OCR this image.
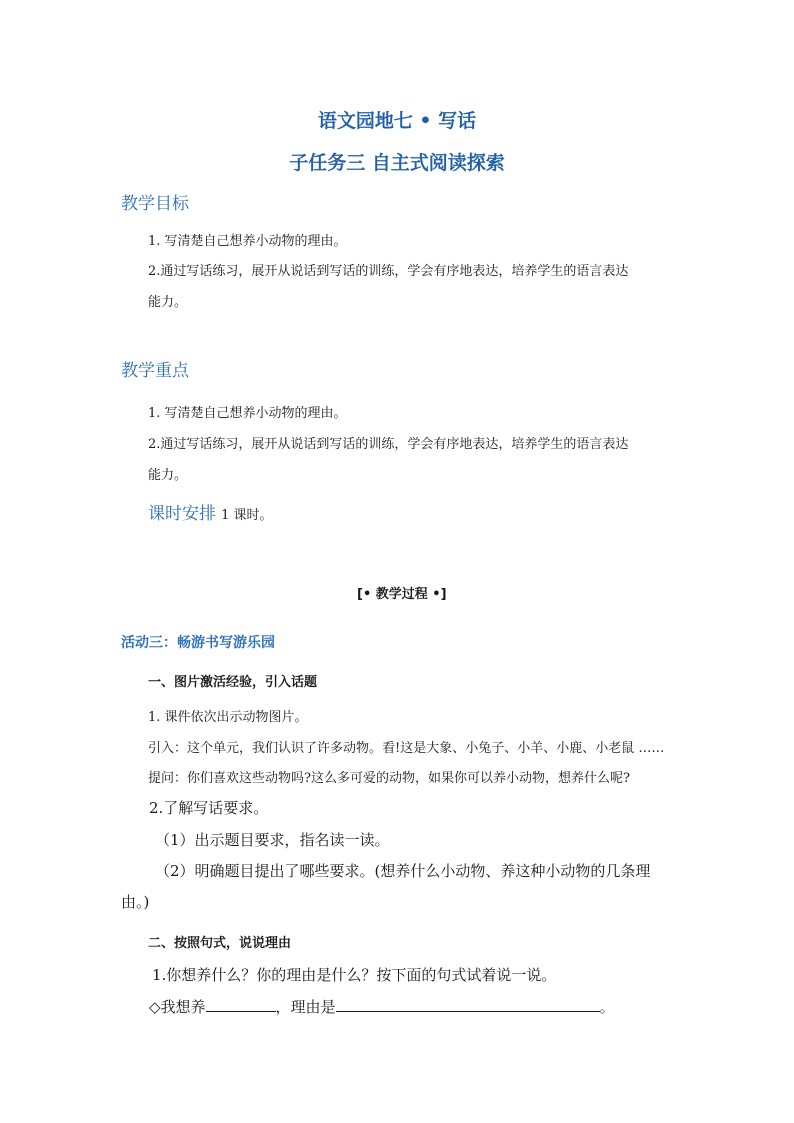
语文园地七 • 写话
子任务三 自主式阅读探索
教学目标
1. 写清楚自己想养小动物的理由。
2.通过写话练习，展开从说话到写话的训练，学会有序地表达，培养学生的语言表达
能力。
教学重点
1. 写清楚自己想养小动物的理由。
2.通过写话练习，展开从说话到写话的训练，学会有序地表达，培养学生的语言表达
能力。
课时安排 1 课时。
[• 教学过程 •]
活动三：畅游书写游乐园
一、图片激活经验，引入话题
1. 课件依次出示动物图片。
引入：这个单元，我们认识了许多动物。看!这是大象、小兔子、小羊、小鹿、小老鼠 ……
提问：你们喜欢这些动物吗?这么多可爱的动物，如果你可以养小动物，想养什么呢?
2.了解写话要求。
（1）出示题目要求，指名读一读。
（2）明确题目提出了哪些要求。(想养什么小动物、养这种小动物的几条理
由。)
二、按照句式，说说理由
1.你想养什么？你的理由是什么？按下面的句式试着说一说。
◇我想养	，理由是	。
